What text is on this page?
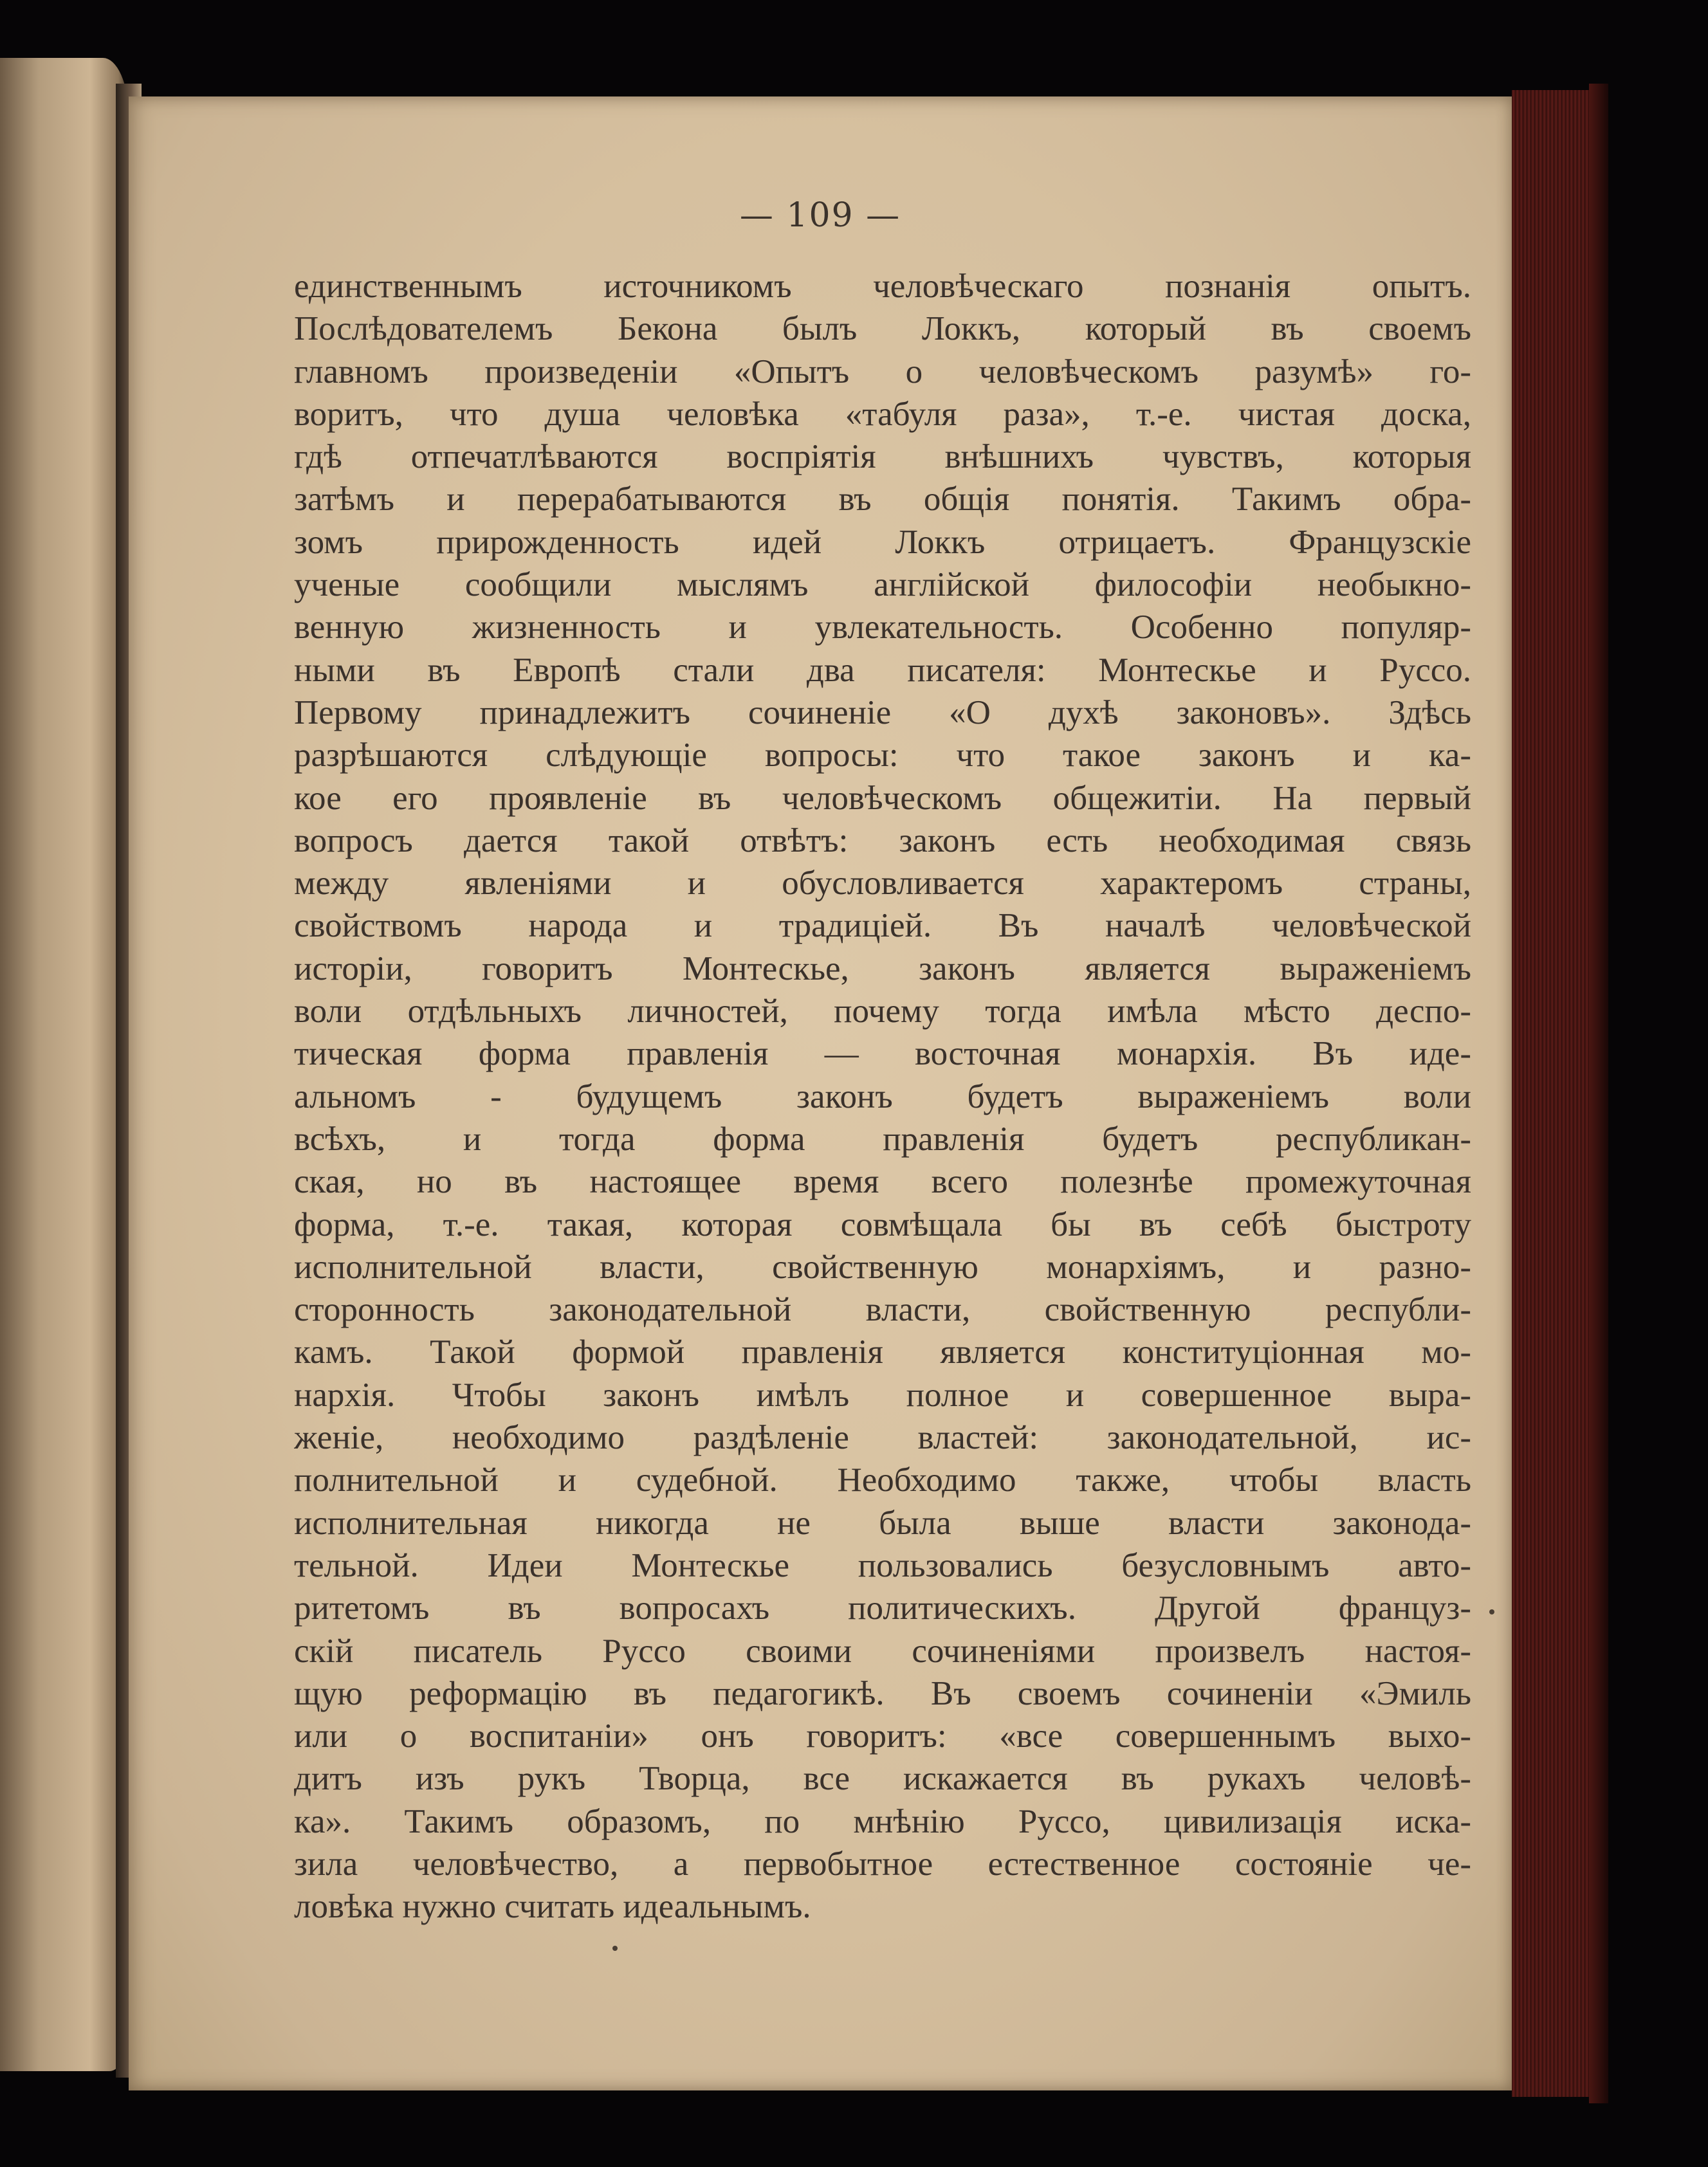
— 109 —
единственнымъ источникомъ человѣческаго познанія опытъ.
Послѣдователемъ Бекона былъ Локкъ, который въ своемъ
главномъ произведеніи «Опытъ о человѣческомъ разумѣ» го-
воритъ, что душа человѣка «табуля раза», т.-е. чистая доска,
гдѣ отпечатлѣваются воспріятія внѣшнихъ чувствъ, которыя
затѣмъ и перерабатываются въ общія понятія. Такимъ обра-
зомъ прирожденность идей Локкъ отрицаетъ. Французскіе
ученые сообщили мыслямъ англійской философіи необыкно-
венную жизненность и увлекательность. Особенно популяр-
ными въ Европѣ стали два писателя: Монтескье и Руссо.
Первому принадлежитъ сочиненіе «О духѣ законовъ». Здѣсь
разрѣшаются слѣдующіе вопросы: что такое законъ и ка-
кое его проявленіе въ человѣческомъ общежитіи. На первый
вопросъ дается такой отвѣтъ: законъ есть необходимая связь
между явленіями и обусловливается характеромъ страны,
свойствомъ народа и традиціей. Въ началѣ человѣческой
исторіи, говоритъ Монтескье, законъ является выраженіемъ
воли отдѣльныхъ личностей, почему тогда имѣла мѣсто деспо-
тическая форма правленія — восточная монархія. Въ иде-
альномъ - будущемъ законъ будетъ выраженіемъ воли
всѣхъ, и тогда форма правленія будетъ республикан-
ская, но въ настоящее время всего полезнѣе промежуточная
форма, т.-е. такая, которая совмѣщала бы въ себѣ быстроту
исполнительной власти, свойственную монархіямъ, и разно-
сторонность законодательной власти, свойственную республи-
камъ. Такой формой правленія является конституціонная мо-
нархія. Чтобы законъ имѣлъ полное и совершенное выра-
женіе, необходимо раздѣленіе властей: законодательной, ис-
полнительной и судебной. Необходимо также, чтобы власть
исполнительная никогда не была выше власти законода-
тельной. Идеи Монтескье пользовались безусловнымъ авто-
ритетомъ въ вопросахъ политическихъ. Другой француз-
скій писатель Руссо своими сочиненіями произвелъ настоя-
щую реформацію въ педагогикѣ. Въ своемъ сочиненіи «Эмиль
или о воспитаніи» онъ говоритъ: «все совершеннымъ выхо-
дитъ изъ рукъ Творца, все искажается въ рукахъ человѣ-
ка». Такимъ образомъ, по мнѣнію Руссо, цивилизація иска-
зила человѣчество, а первобытное естественное состояніе че-
ловѣка нужно считать идеальнымъ.
